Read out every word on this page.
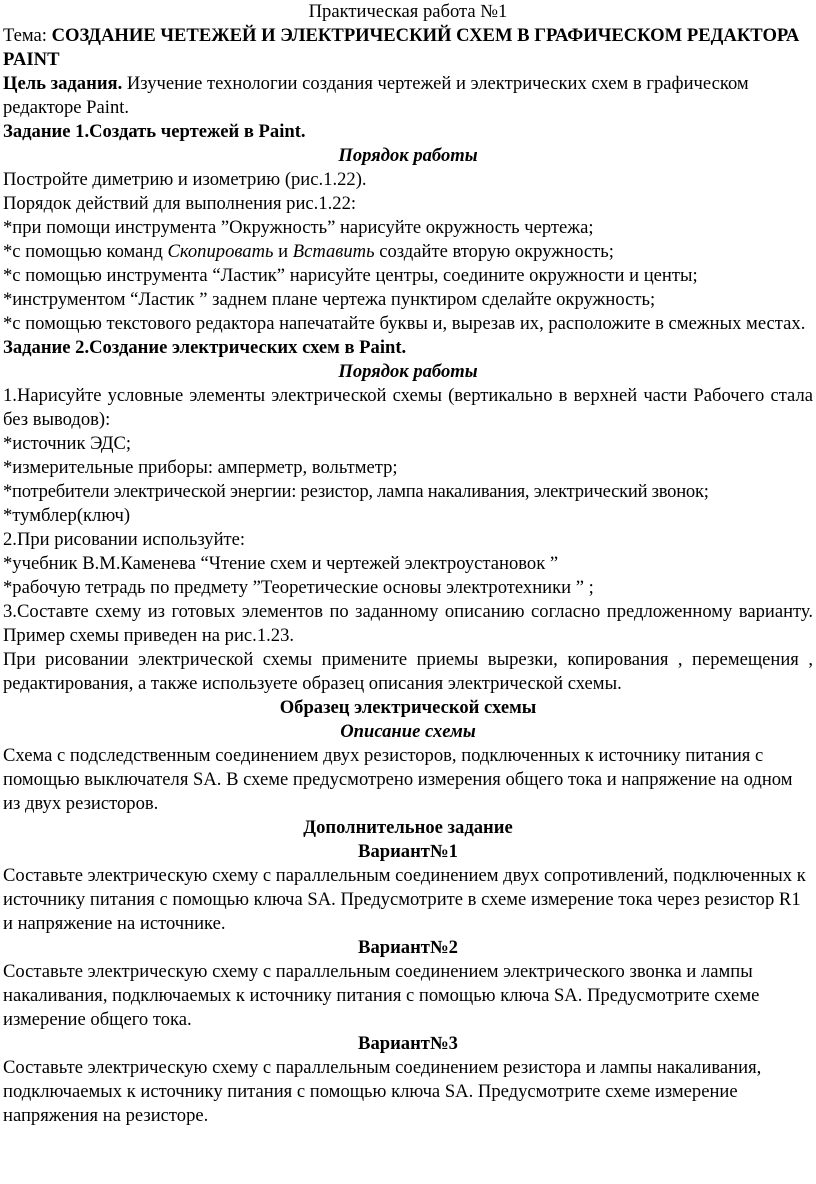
Практическая работа №1

Тема: СОЗДАНИЕ ЧЕТЕЖЕЙ И ЭЛЕКТРИЧЕСКИЙ СХЕМ В ГРАФИЧЕСКОМ РЕДАКТОРА PAINT

Цель задания. Изучение технологии создания чертежей и электрических схем в графическом редакторе Paint.

Задание 1.Создать чертежей в Paint.

Порядок работы

Постройте диметрию и изометрию (рис.1.22).

Порядок действий для выполнения рис.1.22:

*при помощи инструмента ”Окружность” нарисуйте окружность чертежа;

*с помощью команд Скопировать и Вставить создайте вторую окружность;

*с помощью инструмента “Ластик” нарисуйте центры, соедините окружности и центы;

*инструментом “Ластик ” заднем плане чертежа пунктиром сделайте окружность;

*с помощью текстового редактора напечатайте буквы и, вырезав их, расположите в смежных местах.

Задание 2.Создание электрических схем в Paint.

Порядок работы

1.Нарисуйте условные элементы электрической схемы (вертикально в верхней части Рабочего стала без выводов):

*источник ЭДС;

*измерительные приборы: амперметр, вольтметр;

*потребители электрической энергии: резистор, лампа накаливания, электрический звонок;

*тумблер(ключ)

2.При рисовании используйте:

*учебник В.М.Каменева “Чтение схем и чертежей электроустановок ”

*рабочую тетрадь по предмету ”Теоретические основы электротехники ” ;

3.Составте схему из готовых элементов по заданному описанию согласно предложенному варианту. Пример схемы приведен на рис.1.23.

При рисовании электрической схемы примените приемы вырезки, копирования , перемещения , редактирования, а также используете образец описания электрической схемы.

Образец электрической схемы

Описание схемы

Схема с подследственным соединением двух резисторов, подключенных к источнику питания с помощью выключателя SA. В схеме предусмотрено измерения общего тока и напряжение на одном из двух резисторов.

Дополнительное задание

Вариант№1

Составьте электрическую схему с параллельным соединением двух сопротивлений, подключенных к источнику питания с помощью ключа SA. Предусмотрите в схеме измерение тока через резистор R1 и напряжение на источнике.

Вариант№2

Составьте электрическую схему с параллельным соединением электрического звонка и лампы накаливания, подключаемых к источнику питания с помощью ключа SA. Предусмотрите схеме измерение общего тока.

Вариант№3

Составьте электрическую схему с параллельным соединением резистора и лампы накаливания, подключаемых к источнику питания с помощью ключа SA. Предусмотрите схеме измерение напряжения на резисторе.
